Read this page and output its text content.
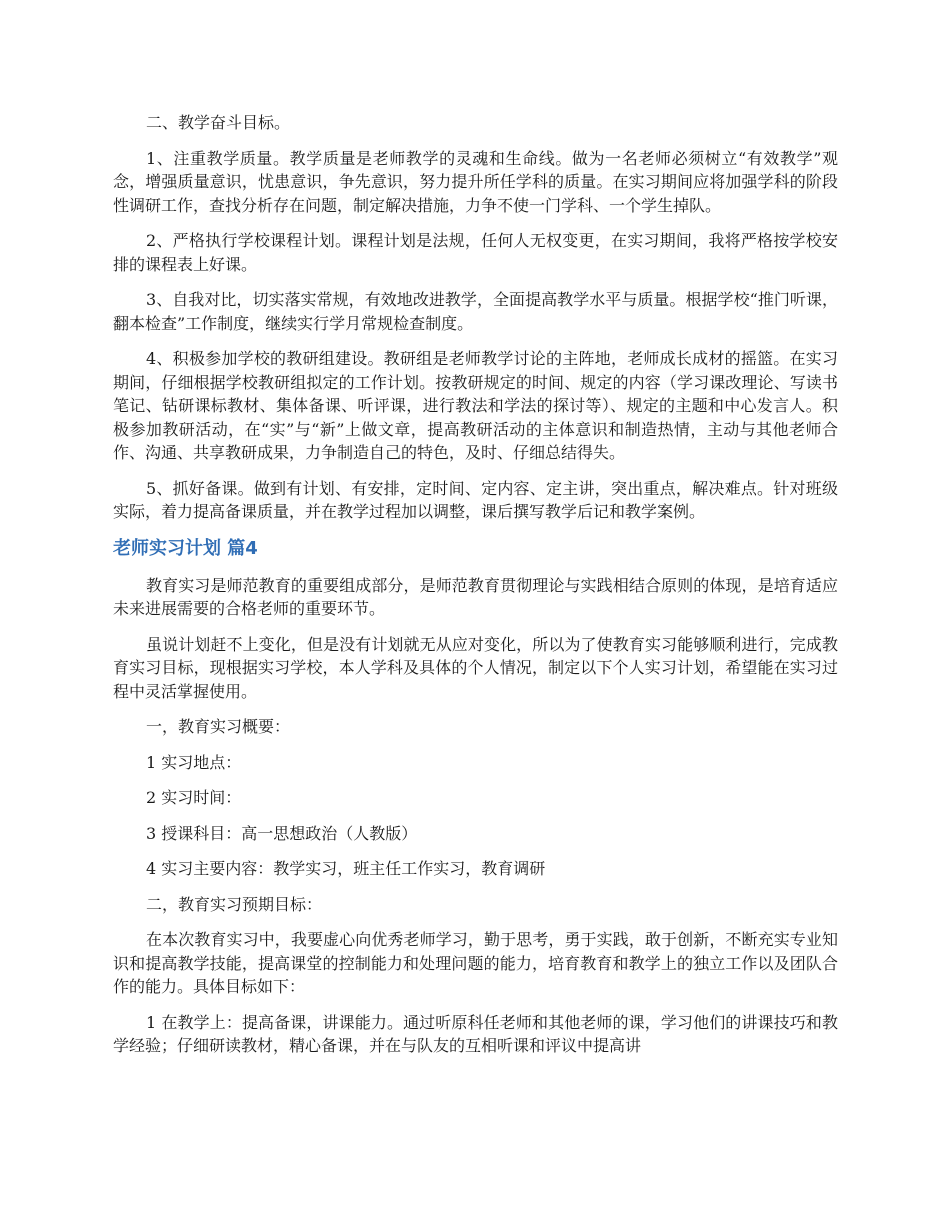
二、教学奋斗目标。

1、注重教学质量。教学质量是老师教学的灵魂和生命线。做为一名老师必须树立“有效教学”观念，增强质量意识，忧患意识，争先意识，努力提升所任学科的质量。在实习期间应将加强学科的阶段性调研工作，查找分析存在问题，制定解决措施，力争不使一门学科、一个学生掉队。

2、严格执行学校课程计划。课程计划是法规，任何人无权变更，在实习期间，我将严格按学校安排的课程表上好课。

3、自我对比，切实落实常规，有效地改进教学，全面提高教学水平与质量。根据学校“推门听课，翻本检查”工作制度，继续实行学月常规检查制度。

4、积极参加学校的教研组建设。教研组是老师教学讨论的主阵地，老师成长成材的摇篮。在实习期间，仔细根据学校教研组拟定的工作计划。按教研规定的时间、规定的内容（学习课改理论、写读书笔记、钻研课标教材、集体备课、听评课，进行教法和学法的探讨等）、规定的主题和中心发言人。积极参加教研活动，在“实”与“新”上做文章，提高教研活动的主体意识和制造热情，主动与其他老师合作、沟通、共享教研成果，力争制造自己的特色，及时、仔细总结得失。

5、抓好备课。做到有计划、有安排，定时间、定内容、定主讲，突出重点，解决难点。针对班级实际，着力提高备课质量，并在教学过程加以调整，课后撰写教学后记和教学案例。

老师实习计划 篇4

教育实习是师范教育的重要组成部分，是师范教育贯彻理论与实践相结合原则的体现，是培育适应未来进展需要的合格老师的重要环节。

虽说计划赶不上变化，但是没有计划就无从应对变化，所以为了使教育实习能够顺利进行，完成教育实习目标，现根据实习学校，本人学科及具体的个人情况，制定以下个人实习计划，希望能在实习过程中灵活掌握使用。

一，教育实习概要：

1 实习地点：

2 实习时间：

3 授课科目：高一思想政治（人教版）

4 实习主要内容：教学实习，班主任工作实习，教育调研

二，教育实习预期目标：

在本次教育实习中，我要虚心向优秀老师学习，勤于思考，勇于实践，敢于创新，不断充实专业知识和提高教学技能，提高课堂的控制能力和处理问题的能力，培育教育和教学上的独立工作以及团队合作的能力。具体目标如下：

1 在教学上：提高备课，讲课能力。通过听原科任老师和其他老师的课，学习他们的讲课技巧和教学经验；仔细研读教材，精心备课，并在与队友的互相听课和评议中提高讲
